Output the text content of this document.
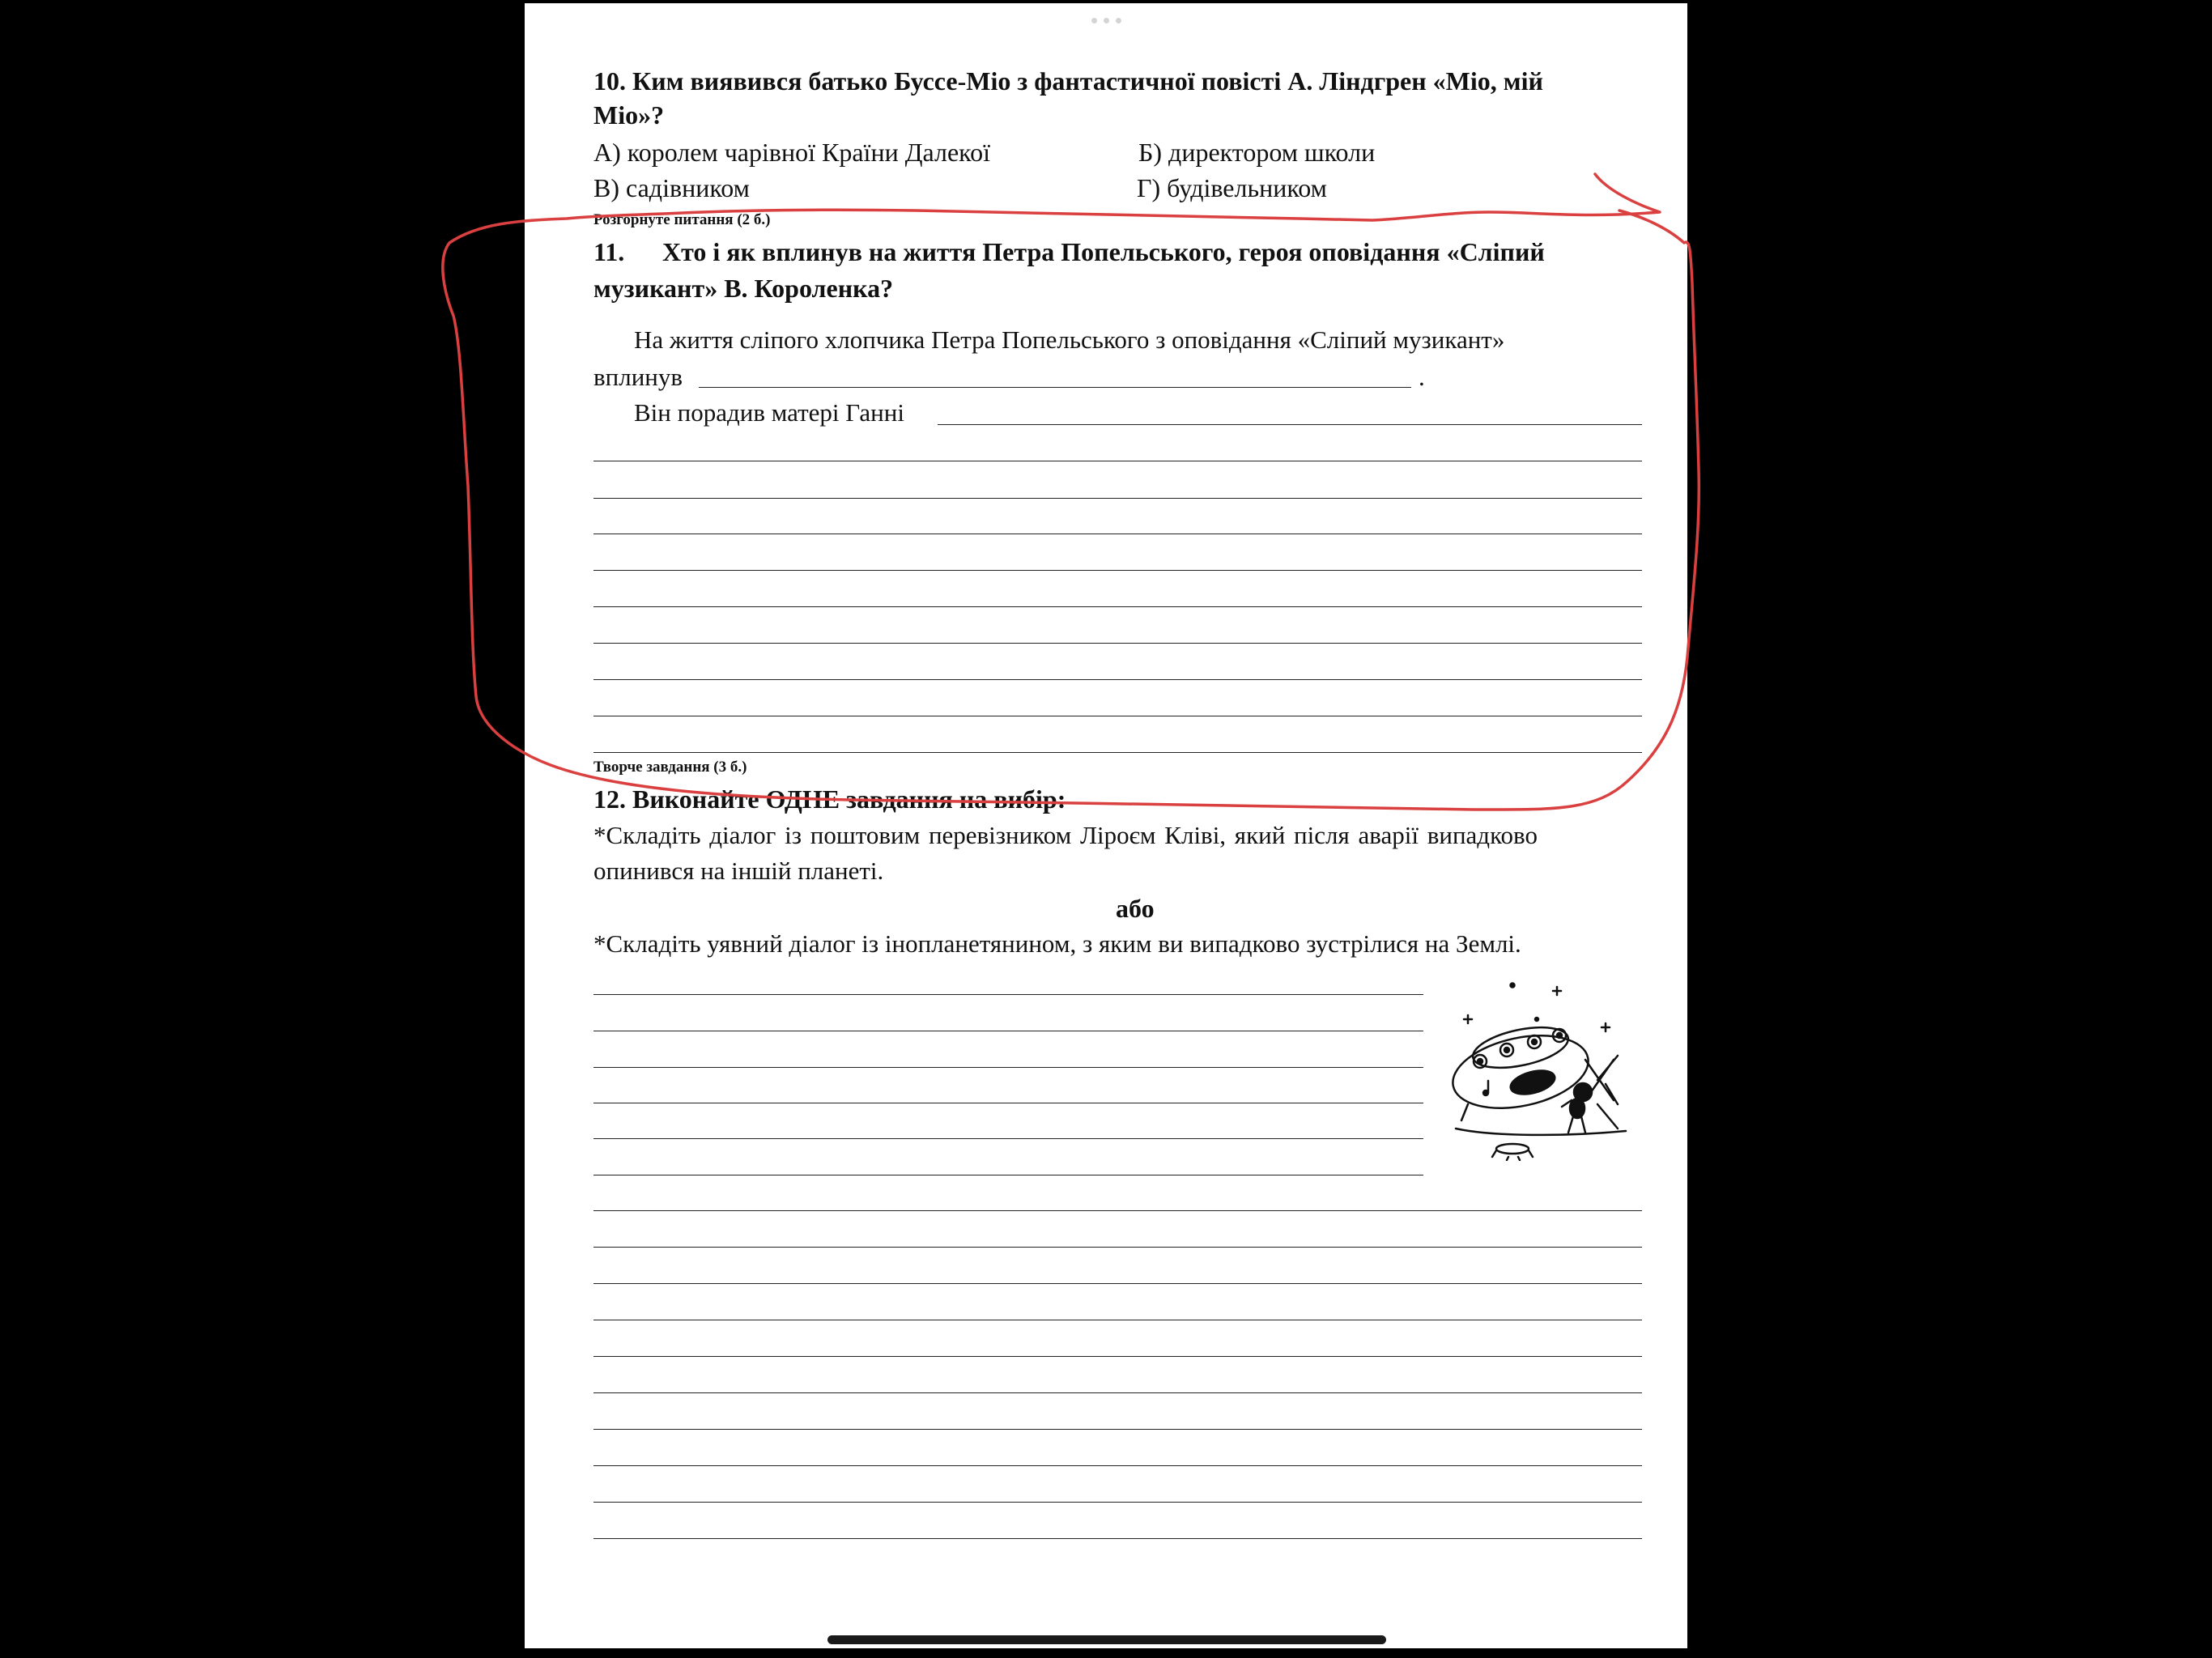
10. Ким виявився батько Буссе-Міо з фантастичної повісті А. Ліндгрен «Міо, мій
Міо»?
А) королем чарівної Країни Далекої	Б) директором школи
В) садівником	Г) будівельником
Розгорнуте питання (2 б.)
11. Хто і як вплинув на життя Петра Попельського, героя оповідання «Сліпий
музикант» В. Короленка?
На життя сліпого хлопчика Петра Попельського з оповідання «Сліпий музикант»
вплинув	.
Він порадив матері Ганні
Творче завдання (3 б.)
12. Виконайте ОДНЕ завдання на вибір:
*Складіть діалог із поштовим перевізником Ліроєм Кліві, який після аварії випадково
опинився на іншій планеті.
або
*Складіть уявний діалог із інопланетянином, з яким ви випадково зустрілися на Землі.
